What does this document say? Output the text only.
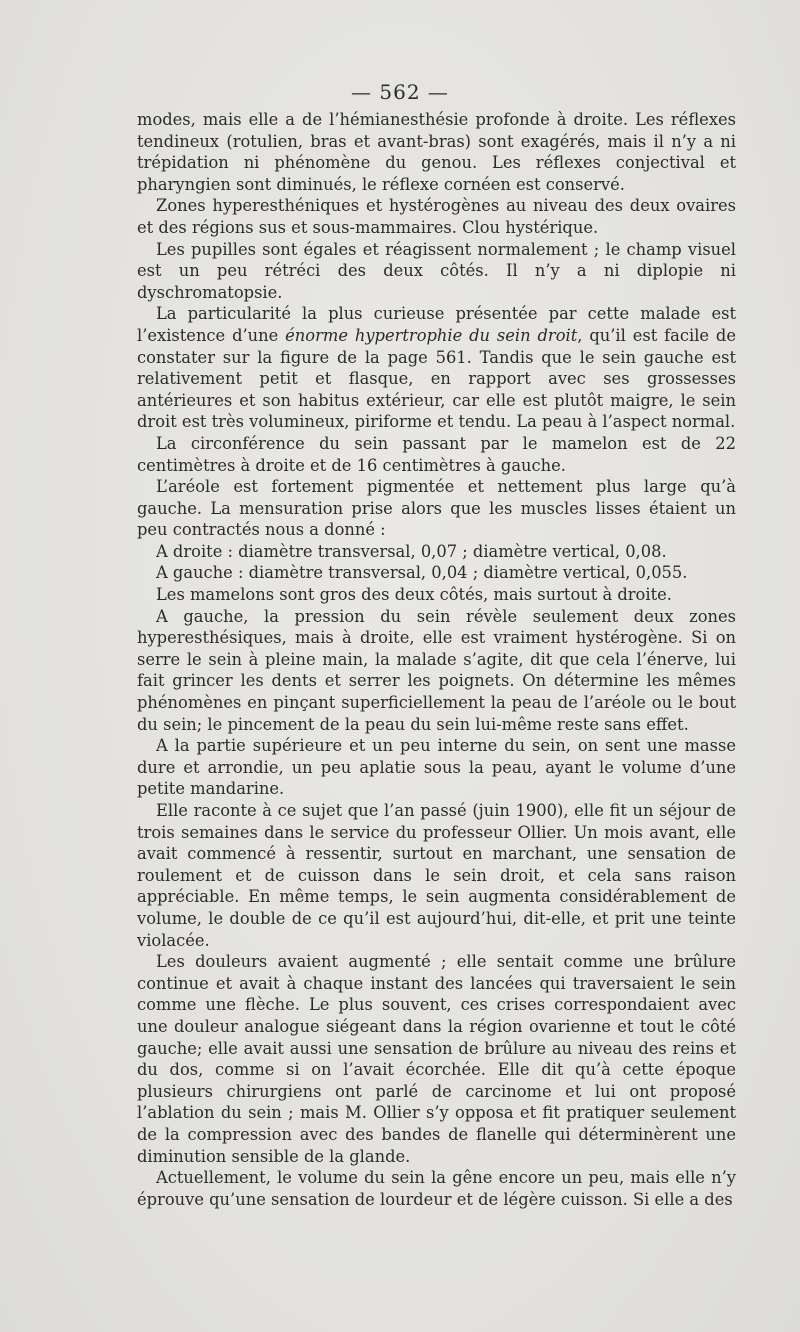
— 562 —

modes, mais elle a de l’hémianesthésie profonde à droite. Les réflexes tendineux (rotulien, bras et avant-bras) sont exagérés, mais il n’y a ni trépidation ni phénomène du genou. Les réflexes conjectival et pharyngien sont diminués, le réflexe cornéen est conservé.

Zones hyperesthéniques et hystérogènes au niveau des deux ovaires et des régions sus et sous-mammaires. Clou hystérique.

Les pupilles sont égales et réagissent normalement ; le champ visuel est un peu rétréci des deux côtés. Il n’y a ni diplopie ni dyschromatopsie.

La particularité la plus curieuse présentée par cette malade est l’existence d’une énorme hypertrophie du sein droit, qu’il est facile de constater sur la figure de la page 561. Tandis que le sein gauche est relativement petit et flasque, en rapport avec ses grossesses antérieures et son habitus extérieur, car elle est plutôt maigre, le sein droit est très volumineux, piriforme et tendu. La peau à l’aspect normal.

La circonférence du sein passant par le mamelon est de 22 centimètres à droite et de 16 centimètres à gauche.

L’aréole est fortement pigmentée et nettement plus large qu’à gauche. La mensuration prise alors que les muscles lisses étaient un peu contractés nous a donné :

A droite : diamètre transversal, 0,07 ; diamètre vertical, 0,08.

A gauche : diamètre transversal, 0,04 ; diamètre vertical, 0,055.

Les mamelons sont gros des deux côtés, mais surtout à droite.

A gauche, la pression du sein révèle seulement deux zones hyperesthésiques, mais à droite, elle est vraiment hystérogène. Si on serre le sein à pleine main, la malade s’agite, dit que cela l’énerve, lui fait grincer les dents et serrer les poignets. On détermine les mêmes phénomènes en pinçant superficiellement la peau de l’aréole ou le bout du sein; le pincement de la peau du sein lui-même reste sans effet.

A la partie supérieure et un peu interne du sein, on sent une masse dure et arrondie, un peu aplatie sous la peau, ayant le volume d’une petite mandarine.

Elle raconte à ce sujet que l’an passé (juin 1900), elle fit un séjour de trois semaines dans le service du professeur Ollier. Un mois avant, elle avait commencé à ressentir, surtout en marchant, une sensation de roulement et de cuisson dans le sein droit, et cela sans raison appréciable. En même temps, le sein augmenta considérablement de volume, le double de ce qu’il est aujourd’hui, dit-elle, et prit une teinte violacée.

Les douleurs avaient augmenté ; elle sentait comme une brûlure continue et avait à chaque instant des lancées qui traversaient le sein comme une flèche. Le plus souvent, ces crises correspondaient avec une douleur analogue siégeant dans la région ovarienne et tout le côté gauche; elle avait aussi une sensation de brûlure au niveau des reins et du dos, comme si on l’avait écorchée. Elle dit qu’à cette époque plusieurs chirurgiens ont parlé de carcinome et lui ont proposé l’ablation du sein ; mais M. Ollier s’y opposa et fit pratiquer seulement de la compression avec des bandes de flanelle qui déterminèrent une diminution sensible de la glande.

Actuellement, le volume du sein la gêne encore un peu, mais elle n’y éprouve qu’une sensation de lourdeur et de légère cuisson. Si elle a des
